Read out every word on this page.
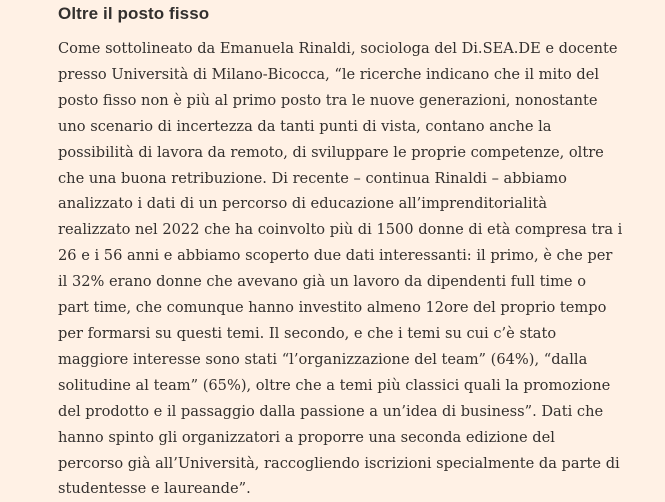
Oltre il posto fisso

Come sottolineato da Emanuela Rinaldi, sociologa del Di.SEA.DE e docente
presso Università di Milano-Bicocca, “le ricerche indicano che il mito del
posto fisso non è più al primo posto tra le nuove generazioni, nonostante
uno scenario di incertezza da tanti punti di vista, contano anche la
possibilità di lavora da remoto, di sviluppare le proprie competenze, oltre
che una buona retribuzione. Di recente – continua Rinaldi – abbiamo
analizzato i dati di un percorso di educazione all’imprenditorialità
realizzato nel 2022 che ha coinvolto più di 1500 donne di età compresa tra i
26 e i 56 anni e abbiamo scoperto due dati interessanti: il primo, è che per
il 32% erano donne che avevano già un lavoro da dipendenti full time o
part time, che comunque hanno investito almeno 12ore del proprio tempo
per formarsi su questi temi. Il secondo, e che i temi su cui c’è stato
maggiore interesse sono stati “l’organizzazione del team” (64%), “dalla
solitudine al team” (65%), oltre che a temi più classici quali la promozione
del prodotto e il passaggio dalla passione a un’idea di business”. Dati che
hanno spinto gli organizzatori a proporre una seconda edizione del
percorso già all’Università, raccogliendo iscrizioni specialmente da parte di
studentesse e laureande”.
